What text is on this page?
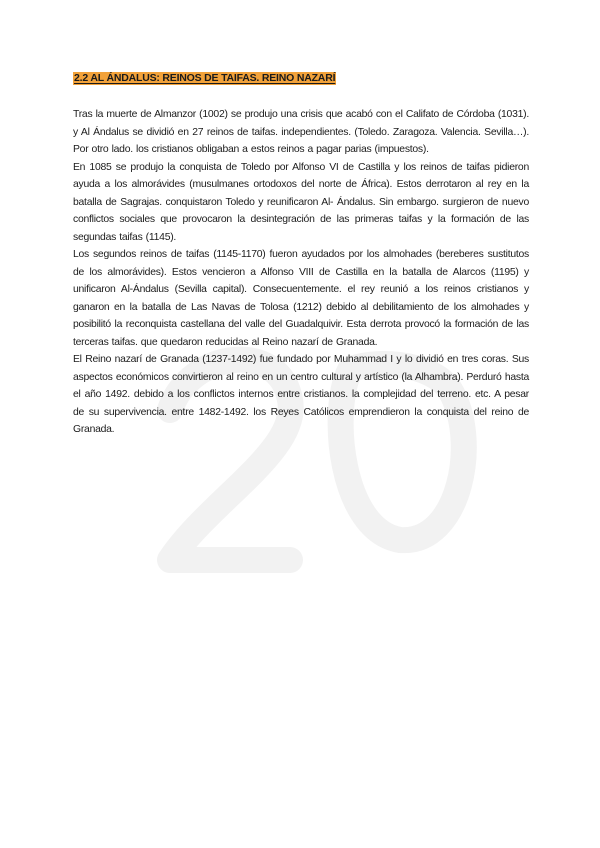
2.2 AL ÁNDALUS: REINOS DE TAIFAS. REINO NAZARÍ

Tras la muerte de Almanzor (1002) se produjo una crisis que acabó con el Califato de Córdoba (1031). y Al Ándalus se dividió en 27 reinos de taifas. independientes. (Toledo. Zaragoza. Valencia. Sevilla…). Por otro lado. los cristianos obligaban a estos reinos a pagar parias (impuestos).

En 1085 se produjo la conquista de Toledo por Alfonso VI de Castilla y los reinos de taifas pidieron ayuda a los almorávides (musulmanes ortodoxos del norte de África). Estos derrotaron al rey en la batalla de Sagrajas. conquistaron Toledo y reunificaron Al- Ándalus. Sin embargo. surgieron de nuevo conflictos sociales que provocaron la desintegración de las primeras taifas y la formación de las segundas taifas (1145).

Los segundos reinos de taifas (1145-1170) fueron ayudados por los almohades (bereberes sustitutos de los almorávides). Estos vencieron a Alfonso VIII de Castilla en la batalla de Alarcos (1195) y unificaron Al-Ándalus (Sevilla capital). Consecuentemente. el rey reunió a los reinos cristianos y ganaron en la batalla de Las Navas de Tolosa (1212) debido al debilitamiento de los almohades y posibilitó la reconquista castellana del valle del Guadalquivir. Esta derrota provocó la formación de las terceras taifas. que quedaron reducidas al Reino nazarí de Granada.

El Reino nazarí de Granada (1237-1492) fue fundado por Muhammad I y lo dividió en tres coras. Sus aspectos económicos convirtieron al reino en un centro cultural y artístico (la Alhambra). Perduró hasta el año 1492. debido a los conflictos internos entre cristianos. la complejidad del terreno. etc. A pesar de su supervivencia. entre 1482-1492. los Reyes Católicos emprendieron la conquista del reino de Granada.
